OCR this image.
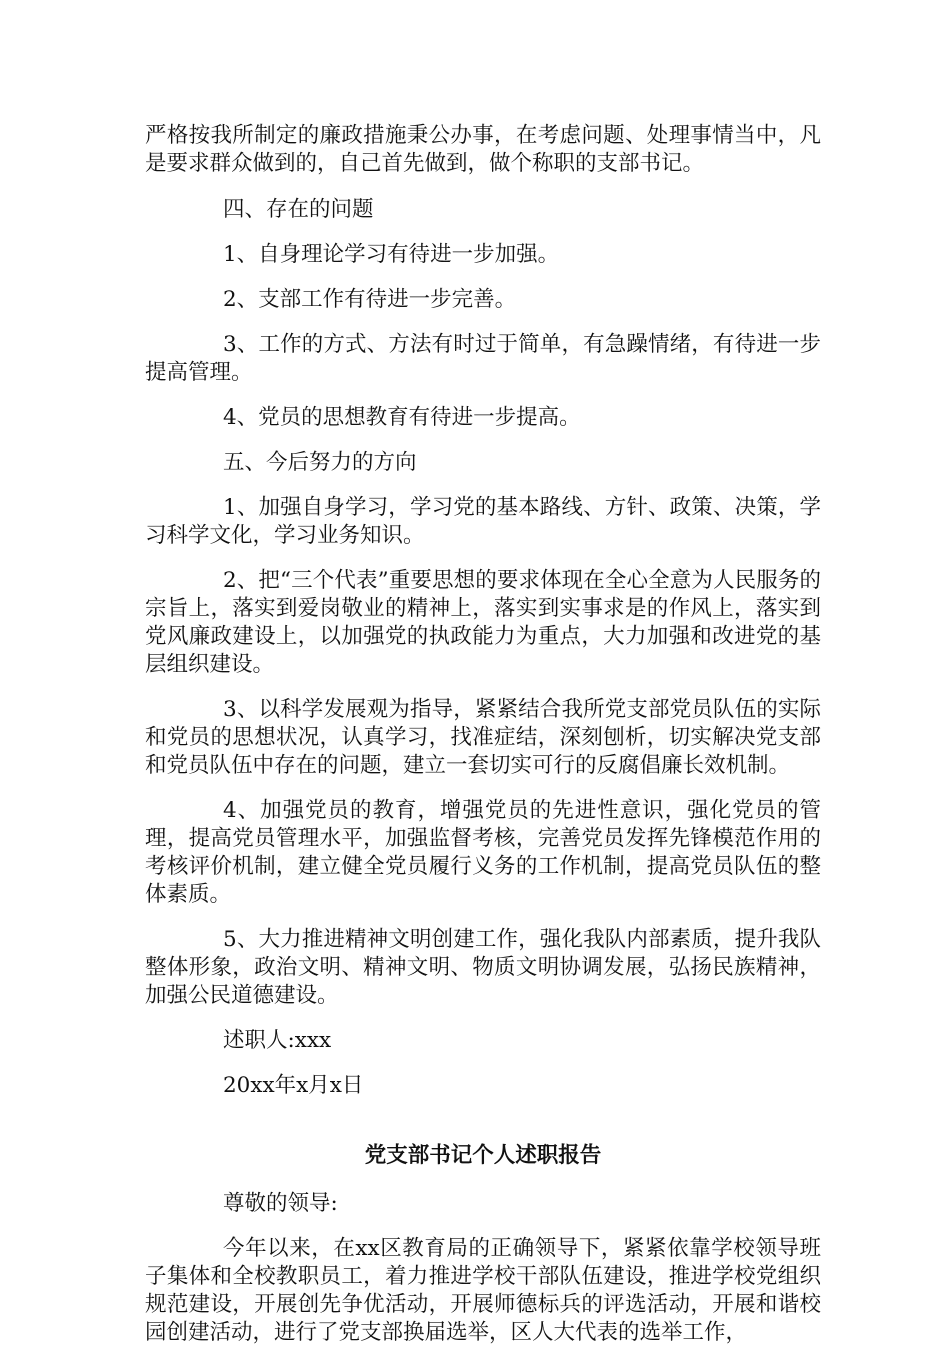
严格按我所制定的廉政措施秉公办事，在考虑问题、处理事情当中，凡是要求群众做到的，自己首先做到，做个称职的支部书记。

四、存在的问题

1、自身理论学习有待进一步加强。

2、支部工作有待进一步完善。

3、工作的方式、方法有时过于简单，有急躁情绪，有待进一步提高管理。

4、党员的思想教育有待进一步提高。

五、今后努力的方向

1、加强自身学习，学习党的基本路线、方针、政策、决策，学习科学文化，学习业务知识。

2、把“三个代表”重要思想的要求体现在全心全意为人民服务的宗旨上，落实到爱岗敬业的精神上，落实到实事求是的作风上，落实到党风廉政建设上，以加强党的执政能力为重点，大力加强和改进党的基层组织建设。

3、以科学发展观为指导，紧紧结合我所党支部党员队伍的实际和党员的思想状况，认真学习，找准症结，深刻刨析，切实解决党支部和党员队伍中存在的问题，建立一套切实可行的反腐倡廉长效机制。

4、加强党员的教育，增强党员的先进性意识，强化党员的管理，提高党员管理水平，加强监督考核，完善党员发挥先锋模范作用的考核评价机制，建立健全党员履行义务的工作机制，提高党员队伍的整体素质。

5、大力推进精神文明创建工作，强化我队内部素质，提升我队整体形象，政治文明、精神文明、物质文明协调发展，弘扬民族精神，加强公民道德建设。

述职人:xxx

20xx年x月x日

党支部书记个人述职报告

尊敬的领导:

今年以来，在xx区教育局的正确领导下，紧紧依靠学校领导班子集体和全校教职员工，着力推进学校干部队伍建设，推进学校党组织规范建设，开展创先争优活动，开展师德标兵的评选活动，开展和谐校园创建活动，进行了党支部换届选举，区人大代表的选举工作，
